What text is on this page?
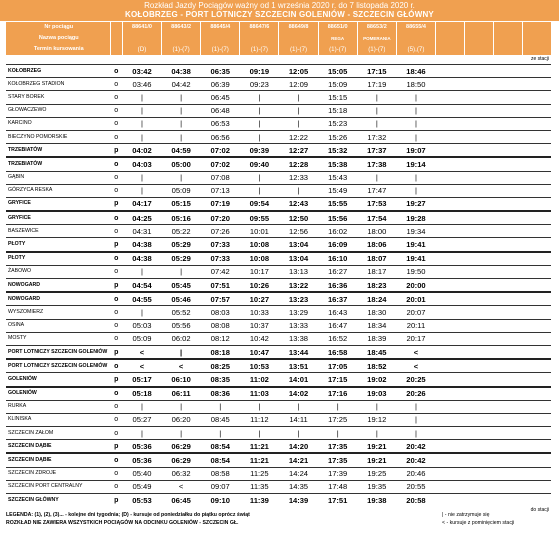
Rozkład Jazdy Pociągów ważny od 1 września 2020 r. do 7 listopada 2020 r.
KOŁOBRZEG - PORT LOTNICZY SZCZECIN GOLENIÓW - SZCZECIN GŁÓWNY
Nr pociągu		88641/0	88643/2	88645/4	88647/6	88649/8	88651/0	88653/2	88655/4				
Nazwa pociągu							REGA	POMERANIA					
Termin kursowania		(D)	(1)-(7)	(1)-(7)	(1)-(7)	(1)-(7)	(1)-(7)	(1)-(7)	(5),(7)				
ze stacji													
KOŁOBRZEG	o	03:42	04:38	06:35	09:19	12:05	15:05	17:15	18:46				
KOŁOBRZEG STADION	o	03:46	04:42	06:39	09:23	12:09	15:09	17:19	18:50				
STARY BOREK	o	|	|	06:45	|	|	15:15	|	|				
GŁOWACZEWO	o	|	|	06:48	|	|	15:18	|	|				
KARCINO	o	|	|	06:53	|	|	15:23	|	|				
BIECZYNO POMORSKIE	o	|	|	06:56	|	12:22	15:26	17:32	|				
TRZEBIATÓW	p	04:02	04:59	07:02	09:39	12:27	15:32	17:37	19:07				
TRZEBIATÓW	o	04:03	05:00	07:02	09:40	12:28	15:38	17:38	19:14				
GĄBIN	o	|	|	07:08	|	12:33	15:43	|	|				
GÓRZYCA RESKA	o	|	05:09	07:13	|	|	15:49	17:47	|				
GRYFICE	p	04:17	05:15	07:19	09:54	12:43	15:55	17:53	19:27				
GRYFICE	o	04:25	05:16	07:20	09:55	12:50	15:56	17:54	19:28				
BASZEWICE	o	04:31	05:22	07:26	10:01	12:56	16:02	18:00	19:34				
PŁOTY	p	04:38	05:29	07:33	10:08	13:04	16:09	18:06	19:41				
PŁOTY	o	04:38	05:29	07:33	10:08	13:04	16:10	18:07	19:41				
ŻABOWO	o	|	|	07:42	10:17	13:13	16:27	18:17	19:50				
NOWOGARD	p	04:54	05:45	07:51	10:26	13:22	16:36	18:23	20:00				
NOWOGARD	o	04:55	05:46	07:57	10:27	13:23	16:37	18:24	20:01				
WYSZOMIERZ	o	|	05:52	08:03	10:33	13:29	16:43	18:30	20:07				
OSINA	o	05:03	05:56	08:08	10:37	13:33	16:47	18:34	20:11				
MOSTY	o	05:09	06:02	08:12	10:42	13:38	16:52	18:39	20:17				
PORT LOTNICZY SZCZECIN GOLENIÓW	p	<	|	08:18	10:47	13:44	16:58	18:45	<				
PORT LOTNICZY SZCZECIN GOLENIÓW	o	<	<	08:25	10:53	13:51	17:05	18:52	<				
GOLENIÓW	p	05:17	06:10	08:35	11:02	14:01	17:15	19:02	20:25				
GOLENIÓW	o	05:18	06:11	08:36	11:03	14:02	17:16	19:03	20:26				
RURKA	o	|	|	|	|	|	|	|	|				
KLINISKA	o	05:27	06:20	08:45	11:12	14:11	17:25	19:12	|				
SZCZECIN ZAŁOM	o	|	|	|	|	|	|	|	|				
SZCZECIN DĄBIE	p	05:36	06:29	08:54	11:21	14:20	17:35	19:21	20:42				
SZCZECIN DĄBIE	o	05:36	06:29	08:54	11:21	14:21	17:35	19:21	20:42				
SZCZECIN ZDROJE	o	05:40	06:32	08:58	11:25	14:24	17:39	19:25	20:46				
SZCZECIN PORT CENTRALNY	o	05:49	<	09:07	11:35	14:35	17:48	19:35	20:55				
SZCZECIN GŁÓWNY	p	05:53	06:45	09:10	11:39	14:39	17:51	19:38	20:58				
do stacji													
LEGENDA: (1), (2), (3)... - kolejne dni tygodnia; (D) - kursuje od poniedziałku do piątku oprócz świąt
ROZKŁAD NIE ZAWIERA WSZYSTKICH POCIĄGÓW NA ODCINKU GOLENIÓW - SZCZECIN GŁ.
| - nie zatrzymuje się
< - kursuje z pominięciem stacji
